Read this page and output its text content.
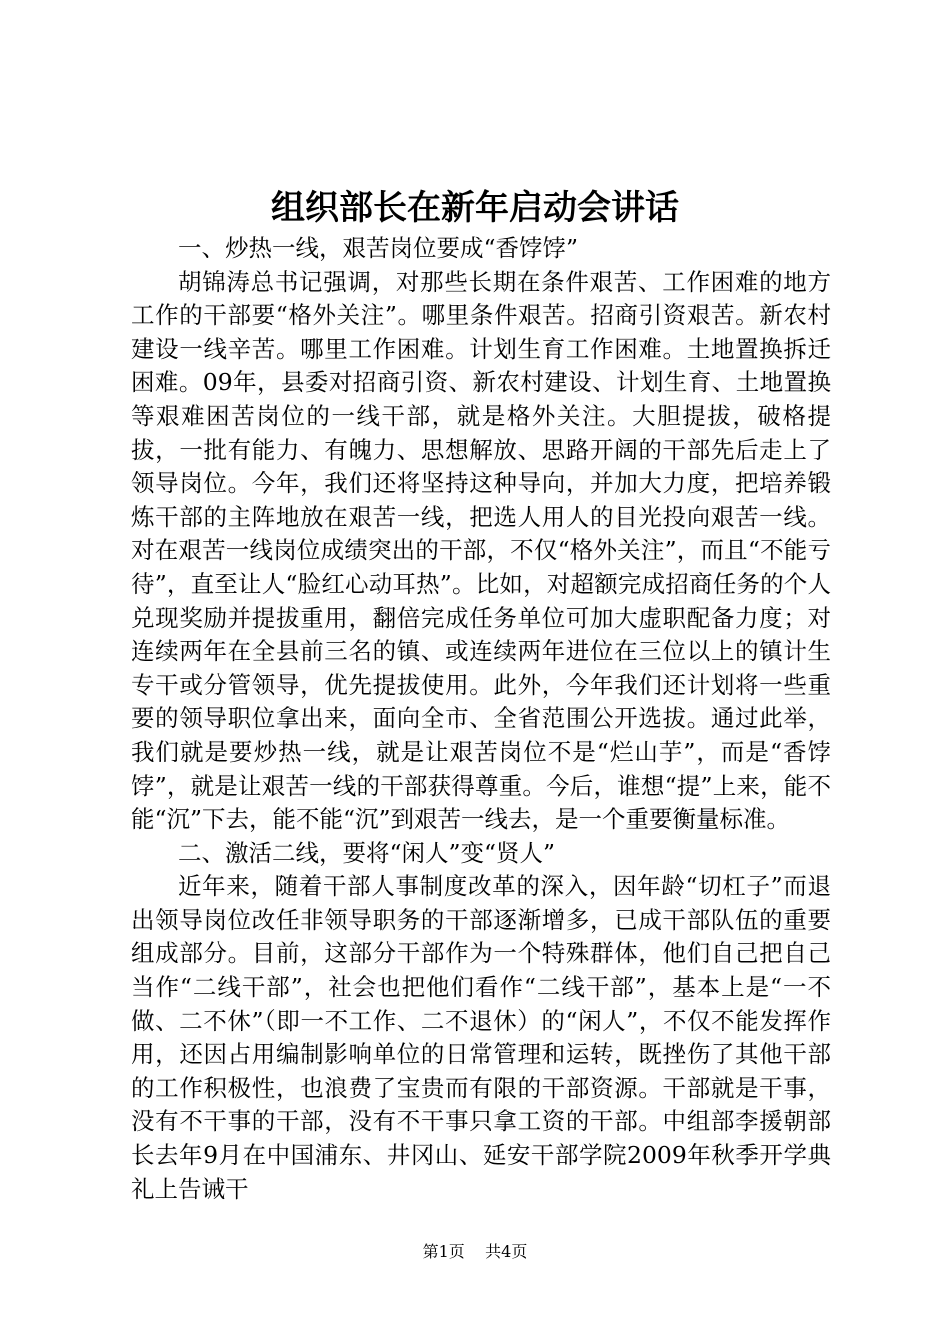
组织部长在新年启动会讲话

一、炒热一线，艰苦岗位要成“香饽饽”

胡锦涛总书记强调，对那些长期在条件艰苦、工作困难的地方工作的干部要“格外关注”。哪里条件艰苦。招商引资艰苦。新农村建设一线辛苦。哪里工作困难。计划生育工作困难。土地置换拆迁困难。09年，县委对招商引资、新农村建设、计划生育、土地置换等艰难困苦岗位的一线干部，就是格外关注。大胆提拔，破格提拔，一批有能力、有魄力、思想解放、思路开阔的干部先后走上了领导岗位。今年，我们还将坚持这种导向，并加大力度，把培养锻炼干部的主阵地放在艰苦一线，把选人用人的目光投向艰苦一线。对在艰苦一线岗位成绩突出的干部，不仅“格外关注”，而且“不能亏待”，直至让人“脸红心动耳热”。比如，对超额完成招商任务的个人兑现奖励并提拔重用，翻倍完成任务单位可加大虚职配备力度；对连续两年在全县前三名的镇、或连续两年进位在三位以上的镇计生专干或分管领导，优先提拔使用。此外，今年我们还计划将一些重要的领导职位拿出来，面向全市、全省范围公开选拔。通过此举，我们就是要炒热一线，就是让艰苦岗位不是“烂山芋”，而是“香饽饽”，就是让艰苦一线的干部获得尊重。今后，谁想“提”上来，能不能“沉”下去，能不能“沉”到艰苦一线去，是一个重要衡量标准。

二、激活二线，要将“闲人”变“贤人”

近年来，随着干部人事制度改革的深入，因年龄“切杠子”而退出领导岗位改任非领导职务的干部逐渐增多，已成干部队伍的重要组成部分。目前，这部分干部作为一个特殊群体，他们自己把自己当作“二线干部”，社会也把他们看作“二线干部”，基本上是“一不做、二不休”（即一不工作、二不退休）的“闲人”，不仅不能发挥作用，还因占用编制影响单位的日常管理和运转，既挫伤了其他干部的工作积极性，也浪费了宝贵而有限的干部资源。干部就是干事，没有不干事的干部，没有不干事只拿工资的干部。中组部李援朝部长去年9月在中国浦东、井冈山、延安干部学院2009年秋季开学典礼上告诫干

第1页 共4页
